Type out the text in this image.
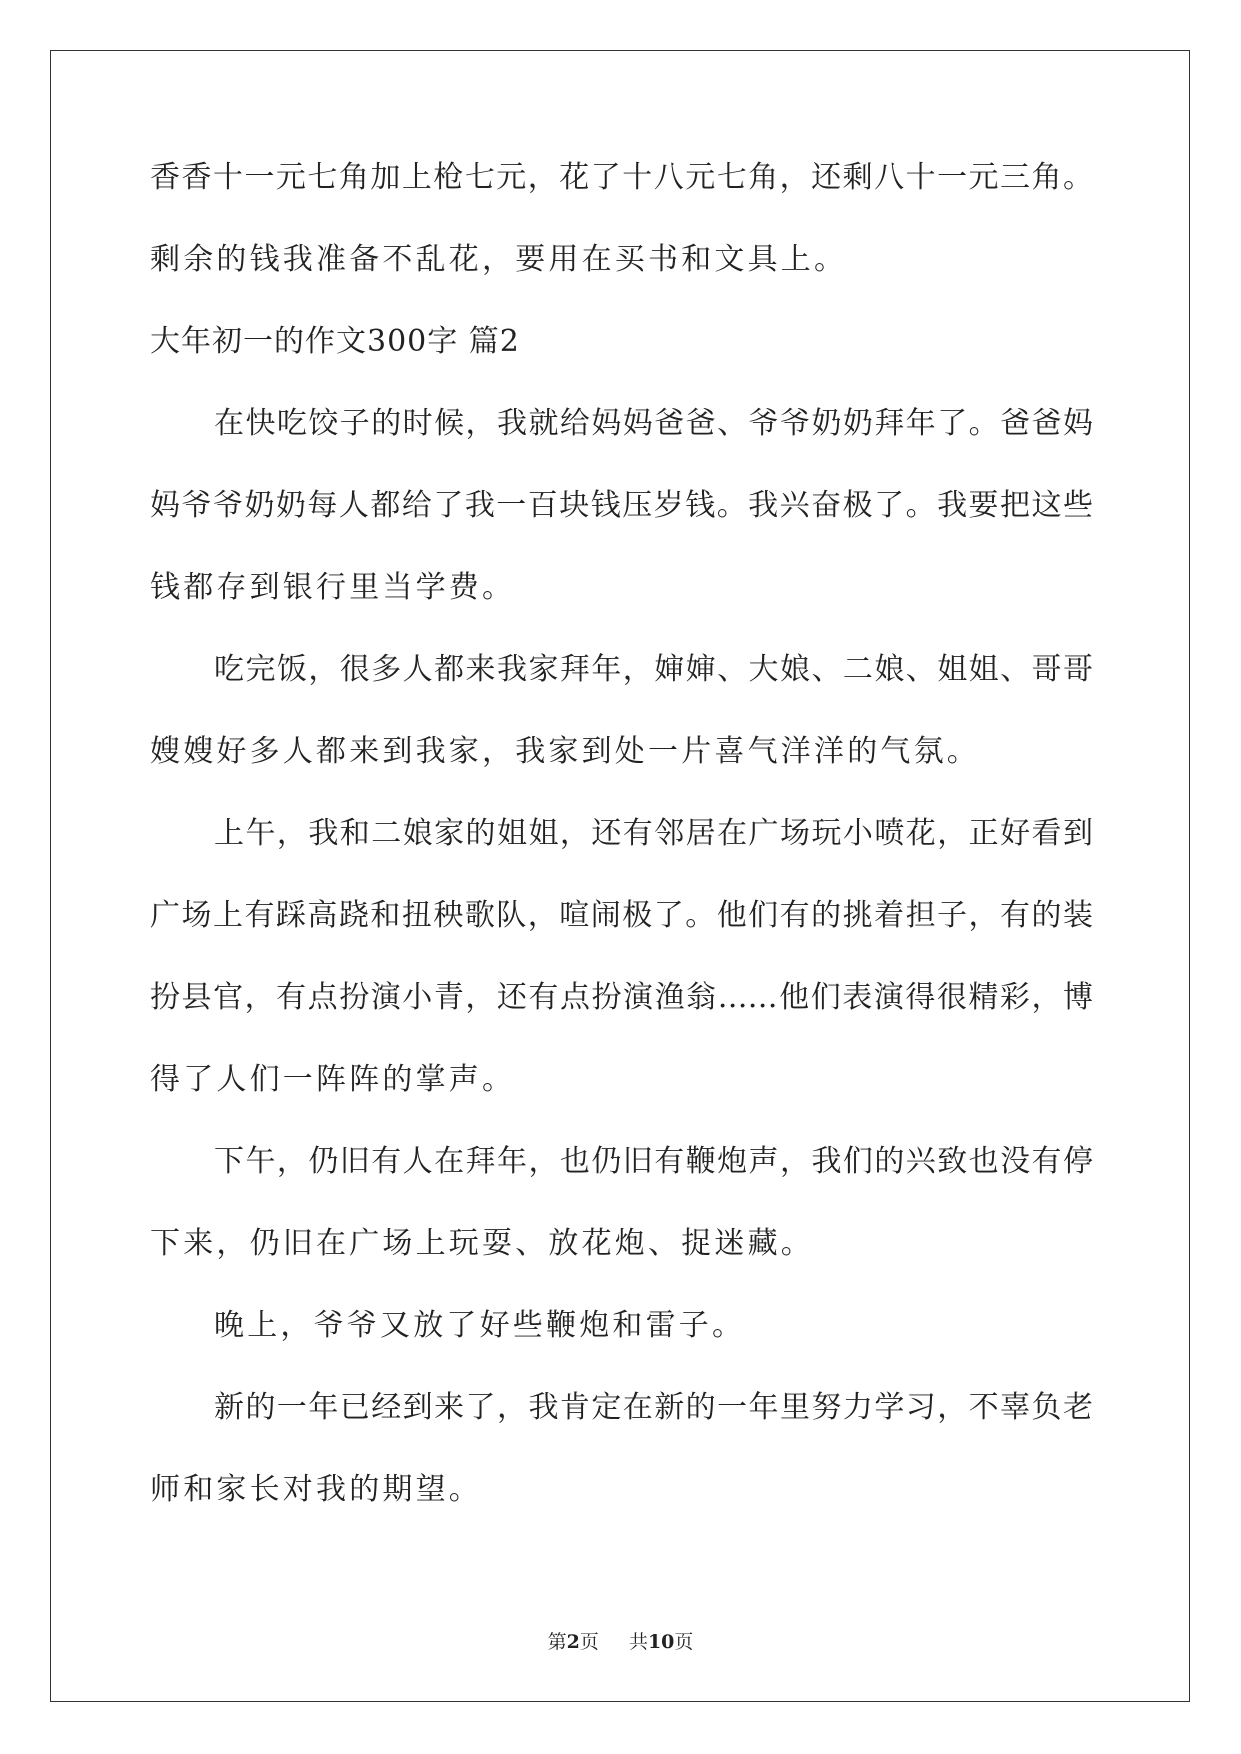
香香十一元七角加上枪七元，花了十八元七角，还剩八十一元三角。
剩余的钱我准备不乱花，要用在买书和文具上。
大年初一的作文300字 篇2
在快吃饺子的时候，我就给妈妈爸爸、爷爷奶奶拜年了。爸爸妈
妈爷爷奶奶每人都给了我一百块钱压岁钱。我兴奋极了。我要把这些
钱都存到银行里当学费。
吃完饭，很多人都来我家拜年，婶婶、大娘、二娘、姐姐、哥哥
嫂嫂好多人都来到我家，我家到处一片喜气洋洋的气氛。
上午，我和二娘家的姐姐，还有邻居在广场玩小喷花，正好看到
广场上有踩高跷和扭秧歌队，喧闹极了。他们有的挑着担子，有的装
扮县官，有点扮演小青，还有点扮演渔翁……他们表演得很精彩，博
得了人们一阵阵的掌声。
下午，仍旧有人在拜年，也仍旧有鞭炮声，我们的兴致也没有停
下来，仍旧在广场上玩耍、放花炮、捉迷藏。
晚上，爷爷又放了好些鞭炮和雷子。
新的一年已经到来了，我肯定在新的一年里努力学习，不辜负老
师和家长对我的期望。
第2页 共10页
